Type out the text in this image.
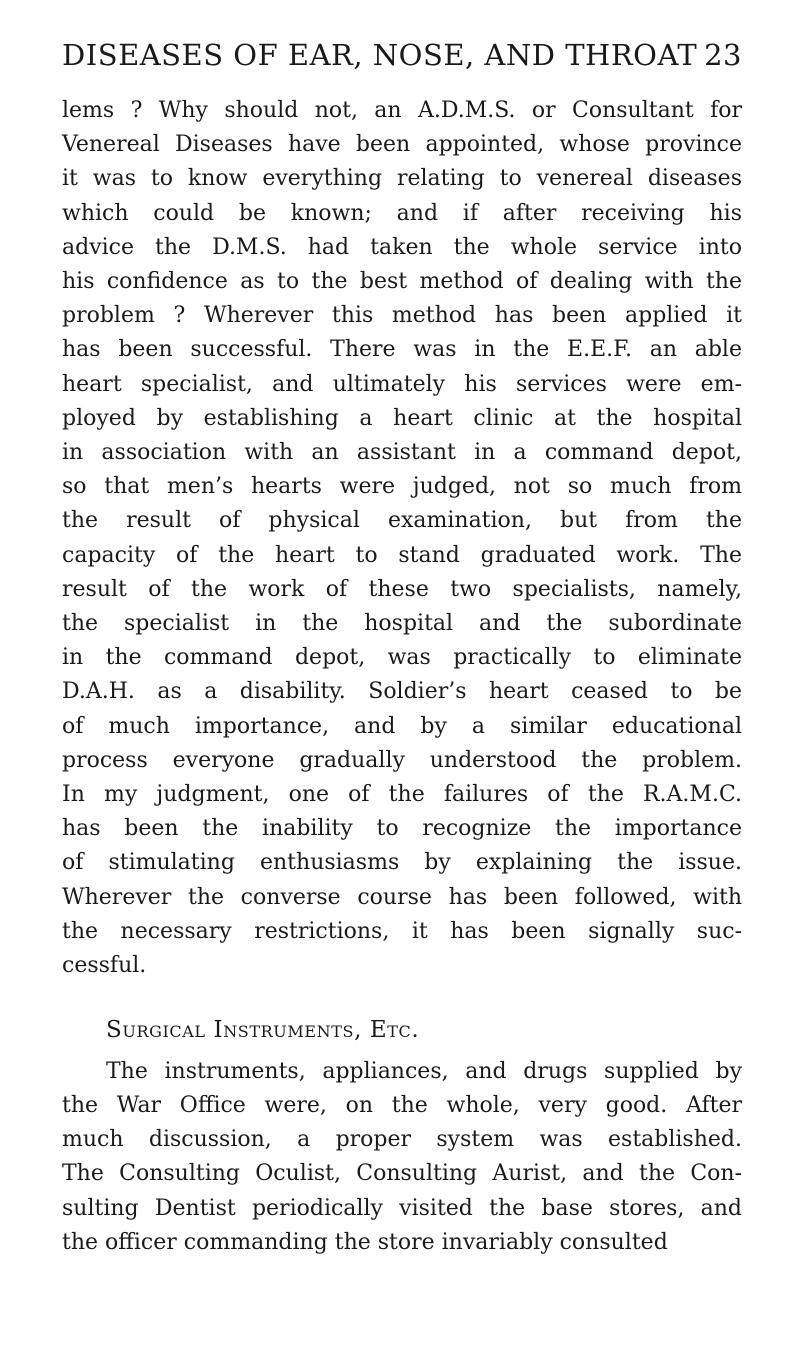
DISEASES OF EAR, NOSE, AND THROAT 23
lems ? Why should not, an A.D.M.S. or Consultant for
Venereal Diseases have been appointed, whose province
it was to know everything relating to venereal diseases
which could be known; and if after receiving his
advice the D.M.S. had taken the whole service into
his confidence as to the best method of dealing with the
problem ? Wherever this method has been applied it
has been successful. There was in the E.E.F. an able
heart specialist, and ultimately his services were em-
ployed by establishing a heart clinic at the hospital
in association with an assistant in a command depot,
so that men’s hearts were judged, not so much from
the result of physical examination, but from the
capacity of the heart to stand graduated work. The
result of the work of these two specialists, namely,
the specialist in the hospital and the subordinate
in the command depot, was practically to eliminate
D.A.H. as a disability. Soldier’s heart ceased to be
of much importance, and by a similar educational
process everyone gradually understood the problem.
In my judgment, one of the failures of the R.A.M.C.
has been the inability to recognize the importance
of stimulating enthusiasms by explaining the issue.
Wherever the converse course has been followed, with
the necessary restrictions, it has been signally suc-
cessful.
Surgical Instruments, Etc.
The instruments, appliances, and drugs supplied by
the War Office were, on the whole, very good. After
much discussion, a proper system was established.
The Consulting Oculist, Consulting Aurist, and the Con-
sulting Dentist periodically visited the base stores, and
the officer commanding the store invariably consulted
